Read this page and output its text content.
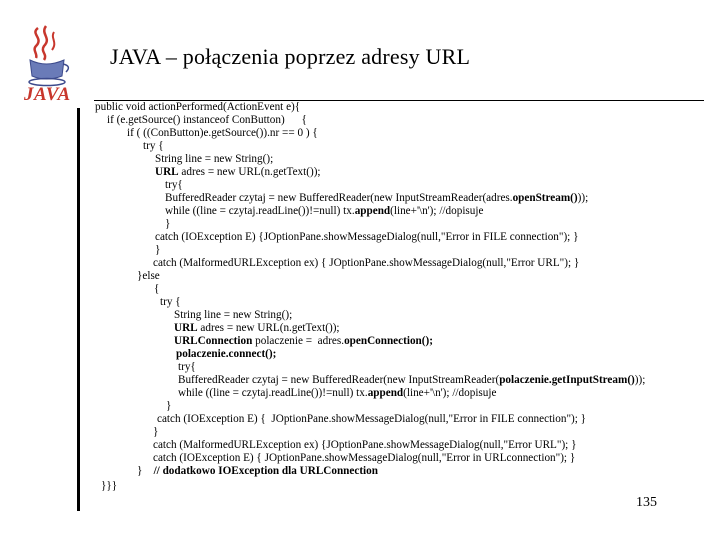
JAVA
JAVA – połączenia poprzez adresy URL
public void actionPerformed(ActionEvent e){
if (e.getSource() instanceof ConButton)      {
if ( ((ConButton)e.getSource()).nr == 0 ) {
try {
String line = new String();
URL adres = new URL(n.getText());
try{
BufferedReader czytaj = new BufferedReader(new InputStreamReader(adres.openStream()));
while ((line = czytaj.readLine())!=null) tx.append(line+'\n'); //dopisuje
}
catch (IOException E) {JOptionPane.showMessageDialog(null,"Error in FILE connection"); }
}
catch (MalformedURLException ex) { JOptionPane.showMessageDialog(null,"Error URL"); }
}else
{
try {
String line = new String();
URL adres = new URL(n.getText());
URLConnection polaczenie =  adres.openConnection();
polaczenie.connect();
try{
BufferedReader czytaj = new BufferedReader(new InputStreamReader(polaczenie.getInputStream()));
while ((line = czytaj.readLine())!=null) tx.append(line+'\n'); //dopisuje
}
catch (IOException E) {  JOptionPane.showMessageDialog(null,"Error in FILE connection"); }
}
catch (MalformedURLException ex) {JOptionPane.showMessageDialog(null,"Error URL"); }
catch (IOException E) { JOptionPane.showMessageDialog(null,"Error in URLconnection"); }
}    // dodatkowo IOException dla URLConnection
}}}
135
